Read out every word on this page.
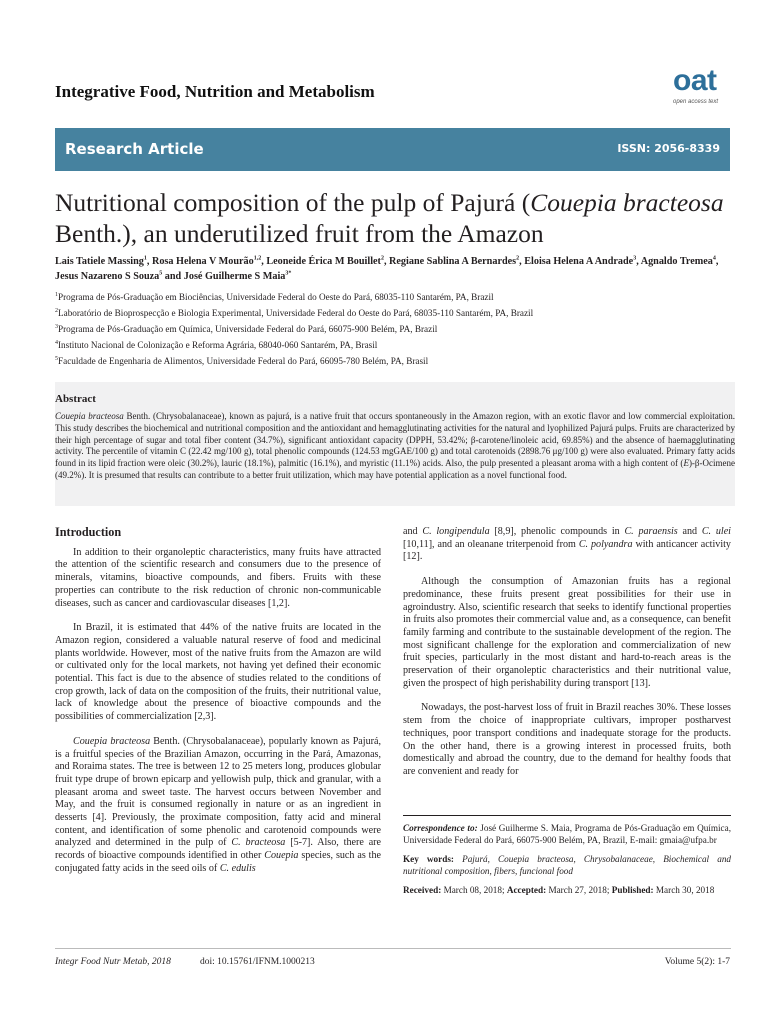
Integrative Food, Nutrition and Metabolism	oat
open access text
Research Article	ISSN: 2056-8339
Nutritional composition of the pulp of Pajurá (Couepia bracteosa Benth.), an underutilized fruit from the Amazon
Lais Tatiele Massing$^1$, Rosa Helena V Mourão$^{1,2}$, Leoneide Érica M Bouillet$^2$, Regiane Sablina A Bernardes$^2$, Eloisa Helena A Andrade$^3$, Agnaldo Tremea$^4$, Jesus Nazareno S Souza$^5$ and José Guilherme S Maia$^{3*}$
$^1$Programa de Pós-Graduação em Biociências, Universidade Federal do Oeste do Pará, 68035-110 Santarém, PA, Brazil
$^2$Laboratório de Bioprospecção e Biologia Experimental, Universidade Federal do Oeste do Pará, 68035-110 Santarém, PA, Brazil
$^3$Programa de Pós-Graduação em Química, Universidade Federal do Pará, 66075-900 Belém, PA, Brazil
$^4$Instituto Nacional de Colonização e Reforma Agrária, 68040-060 Santarém, PA, Brasil
$^5$Faculdade de Engenharia de Alimentos, Universidade Federal do Pará, 66095-780 Belém, PA, Brasil
Abstract

Couepia bracteosa Benth. (Chrysobalanaceae), known as pajurá, is a native fruit that occurs spontaneously in the Amazon region, with an exotic flavor and low commercial exploitation. This study describes the biochemical and nutritional composition and the antioxidant and hemagglutinating activities for the natural and lyophilized Pajurá pulps. Fruits are characterized by their high percentage of sugar and total fiber content (34.7%), significant antioxidant capacity (DPPH, 53.42%; β-carotene/linoleic acid, 69.85%) and the absence of haemagglutinating activity. The percentile of vitamin C (22.42 mg/100 g), total phenolic compounds (124.53 mgGAE/100 g) and total carotenoids (2898.76 μg/100 g) were also evaluated. Primary fatty acids found in its lipid fraction were oleic (30.2%), lauric (18.1%), palmitic (16.1%), and myristic (11.1%) acids. Also, the pulp presented a pleasant aroma with a high content of (E)-β-Ocimene (49.2%). It is presumed that results can contribute to a better fruit utilization, which may have potential application as a novel functional food.

Introduction

In addition to their organoleptic characteristics, many fruits have attracted the attention of the scientific research and consumers due to the presence of minerals, vitamins, bioactive compounds, and fibers. Fruits with these properties can contribute to the risk reduction of chronic non-communicable diseases, such as cancer and cardiovascular diseases [1,2].

In Brazil, it is estimated that 44% of the native fruits are located in the Amazon region, considered a valuable natural reserve of food and medicinal plants worldwide. However, most of the native fruits from the Amazon are wild or cultivated only for the local markets, not having yet defined their economic potential. This fact is due to the absence of studies related to the conditions of crop growth, lack of data on the composition of the fruits, their nutritional value, lack of knowledge about the presence of bioactive compounds and the possibilities of commercialization [2,3].

Couepia bracteosa Benth. (Chrysobalanaceae), popularly known as Pajurá, is a fruitful species of the Brazilian Amazon, occurring in the Pará, Amazonas, and Roraima states. The tree is between 12 to 25 meters long, produces globular fruit type drupe of brown epicarp and yellowish pulp, thick and granular, with a pleasant aroma and sweet taste. The harvest occurs between November and May, and the fruit is consumed regionally in nature or as an ingredient in desserts [4]. Previously, the proximate composition, fatty acid and mineral content, and identification of some phenolic and carotenoid compounds were analyzed and determined in the pulp of C. bracteosa [5-7]. Also, there are records of bioactive compounds identified in other Couepia species, such as the conjugated fatty acids in the seed oils of C. edulis

and C. longipendula [8,9], phenolic compounds in C. paraensis and C. ulei [10,11], and an oleanane triterpenoid from C. polyandra with anticancer activity [12].

Although the consumption of Amazonian fruits has a regional predominance, these fruits present great possibilities for their use in agroindustry. Also, scientific research that seeks to identify functional properties in fruits also promotes their commercial value and, as a consequence, can benefit family farming and contribute to the sustainable development of the region. The most significant challenge for the exploration and commercialization of new fruit species, particularly in the most distant and hard-to-reach areas is the preservation of their organoleptic characteristics and their nutritional value, given the prospect of high perishability during transport [13].

Nowadays, the post-harvest loss of fruit in Brazil reaches 30%. These losses stem from the choice of inappropriate cultivars, improper postharvest techniques, poor transport conditions and inadequate storage for the products. On the other hand, there is a growing interest in processed fruits, both domestically and abroad the country, due to the demand for healthy foods that are convenient and ready for

Correspondence to: José Guilherme S. Maia, Programa de Pós-Graduação em Química, Universidade Federal do Pará, 66075-900 Belém, PA, Brazil, E-mail: gmaia@ufpa.br

Key words: Pajurá, Couepia bracteosa, Chrysobalanaceae, Biochemical and nutritional composition, fibers, funcional food

Received: March 08, 2018; Accepted: March 27, 2018; Published: March 30, 2018

Integr Food Nutr Metab, 2018	doi: 10.15761/IFNM.1000213	Volume 5(2): 1-7
